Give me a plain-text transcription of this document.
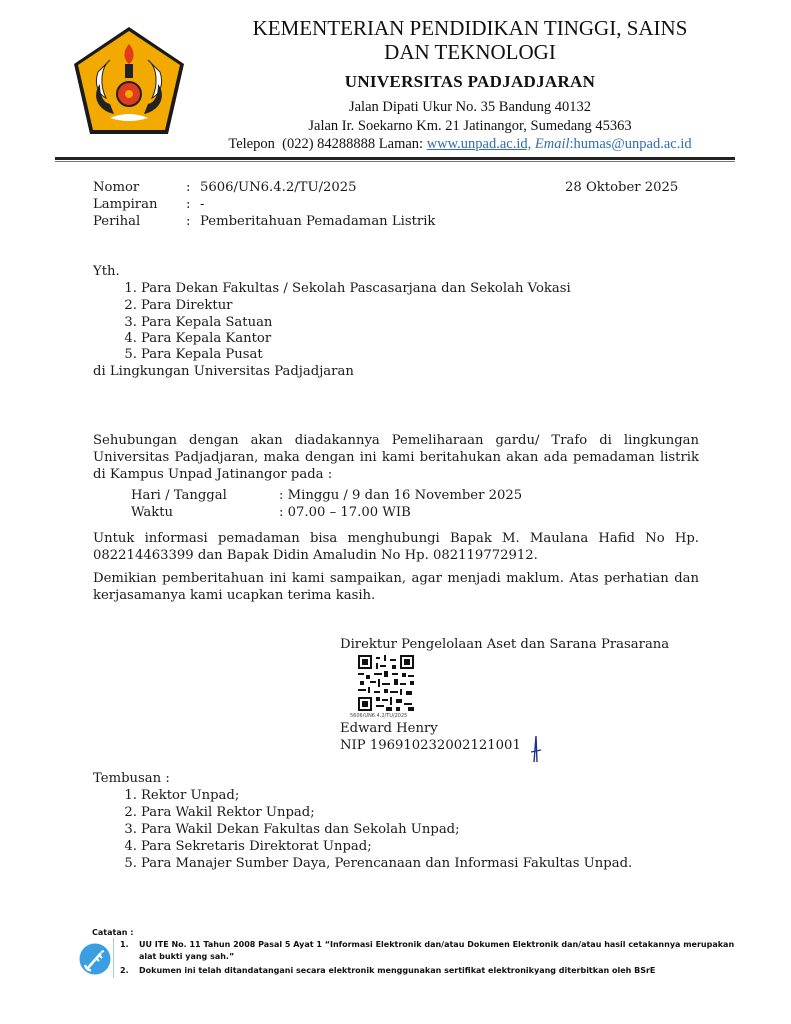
KEMENTERIAN PENDIDIKAN TINGGI, SAINS
DAN TEKNOLOGI
UNIVERSITAS PADJADJARAN
Jalan Dipati Ukur No. 35 Bandung 40132
Jalan Ir. Soekarno Km. 21 Jatinangor, Sumedang 45363
Telepon  (022) 84288888 Laman: www.unpad.ac.id, Email:humas@unpad.ac.id
Nomor	: 5606/UN6.4.2/TU/2025	28 Oktober 2025
Lampiran	: -
Perihal	: Pemberitahuan Pemadaman Listrik
Yth.
1. Para Dekan Fakultas / Sekolah Pascasarjana dan Sekolah Vokasi
2. Para Direktur
3. Para Kepala Satuan
4. Para Kepala Kantor
5. Para Kepala Pusat
di Lingkungan Universitas Padjadjaran
Sehubungan dengan akan diadakannya Pemeliharaan gardu/ Trafo di lingkungan Universitas Padjadjaran, maka dengan ini kami beritahukan akan ada pemadaman listrik di Kampus Unpad Jatinangor pada :
Hari / Tanggal	: Minggu / 9 dan 16 November 2025
Waktu	: 07.00 – 17.00 WIB
Untuk informasi pemadaman bisa menghubungi Bapak M. Maulana Hafid No Hp. 082214463399 dan Bapak Didin Amaludin No Hp. 082119772912.
Demikian pemberitahuan ini kami sampaikan, agar menjadi maklum. Atas perhatian dan kerjasamanya kami ucapkan terima kasih.
Direktur Pengelolaan Aset dan Sarana Prasarana
5606/UN6.4.2/TU/2025
Edward Henry
NIP 196910232002121001
Tembusan :
1. Rektor Unpad;
2. Para Wakil Rektor Unpad;
3. Para Wakil Dekan Fakultas dan Sekolah Unpad;
4. Para Sekretaris Direktorat Unpad;
5. Para Manajer Sumber Daya, Perencanaan dan Informasi Fakultas Unpad.
Catatan :
1. UU ITE No. 11 Tahun 2008 Pasal 5 Ayat 1 “Informasi Elektronik dan/atau Dokumen Elektronik dan/atau hasil cetakannya merupakan
alat bukti yang sah.”
2. Dokumen ini telah ditandatangani secara elektronik menggunakan sertifikat elektronikyang diterbitkan oleh BSrE
